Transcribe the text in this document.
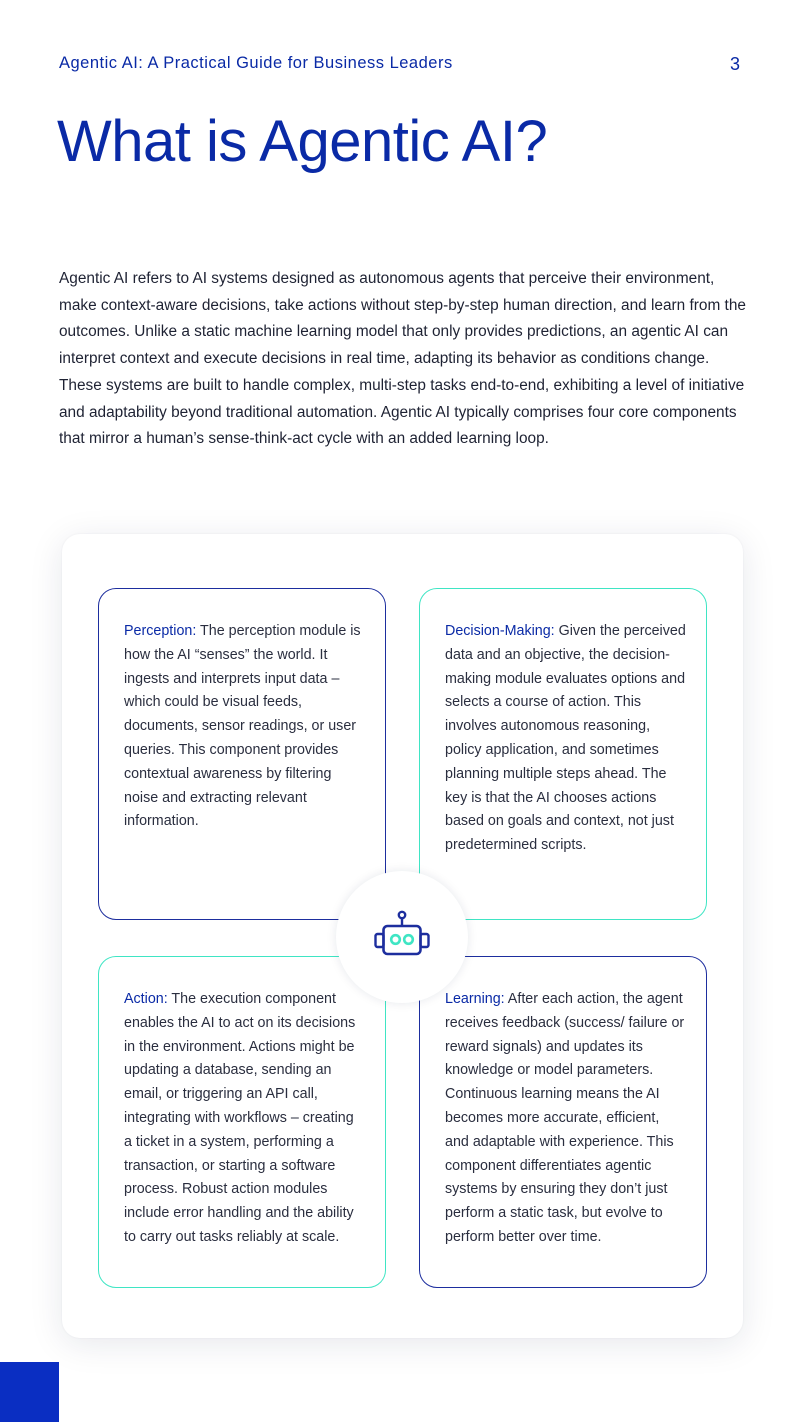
Agentic AI: A Practical Guide for Business Leaders	3
What is Agentic AI?

Agentic AI refers to AI systems designed as autonomous agents that perceive their environment, make context-aware decisions, take actions without step-by-step human direction, and learn from the outcomes. Unlike a static machine learning model that only provides predictions, an agentic AI can interpret context and execute decisions in real time, adapting its behavior as conditions change. These systems are built to handle complex, multi-step tasks end-to-end, exhibiting a level of initiative and adaptability beyond traditional automation. Agentic AI typically comprises four core components that mirror a human’s sense-think-act cycle with an added learning loop.

Perception: The perception module is how the AI “senses” the world. It ingests and interprets input data – which could be visual feeds, documents, sensor readings, or user queries. This component provides contextual awareness by filtering noise and extracting relevant information.
Decision-Making: Given the perceived data and an objective, the decision-making module evaluates options and selects a course of action. This involves autonomous reasoning, policy application, and sometimes planning multiple steps ahead. The key is that the AI chooses actions based on goals and context, not just predetermined scripts.
Action: The execution component enables the AI to act on its decisions in the environment. Actions might be updating a database, sending an email, or triggering an API call, integrating with workflows – creating a ticket in a system, performing a transaction, or starting a software process. Robust action modules include error handling and the ability to carry out tasks reliably at scale.
Learning: After each action, the agent receives feedback (success/ failure or reward signals) and updates its knowledge or model parameters. Continuous learning means the AI becomes more accurate, efficient, and adaptable with experience. This component differentiates agentic systems by ensuring they don’t just perform a static task, but evolve to perform better over time.
